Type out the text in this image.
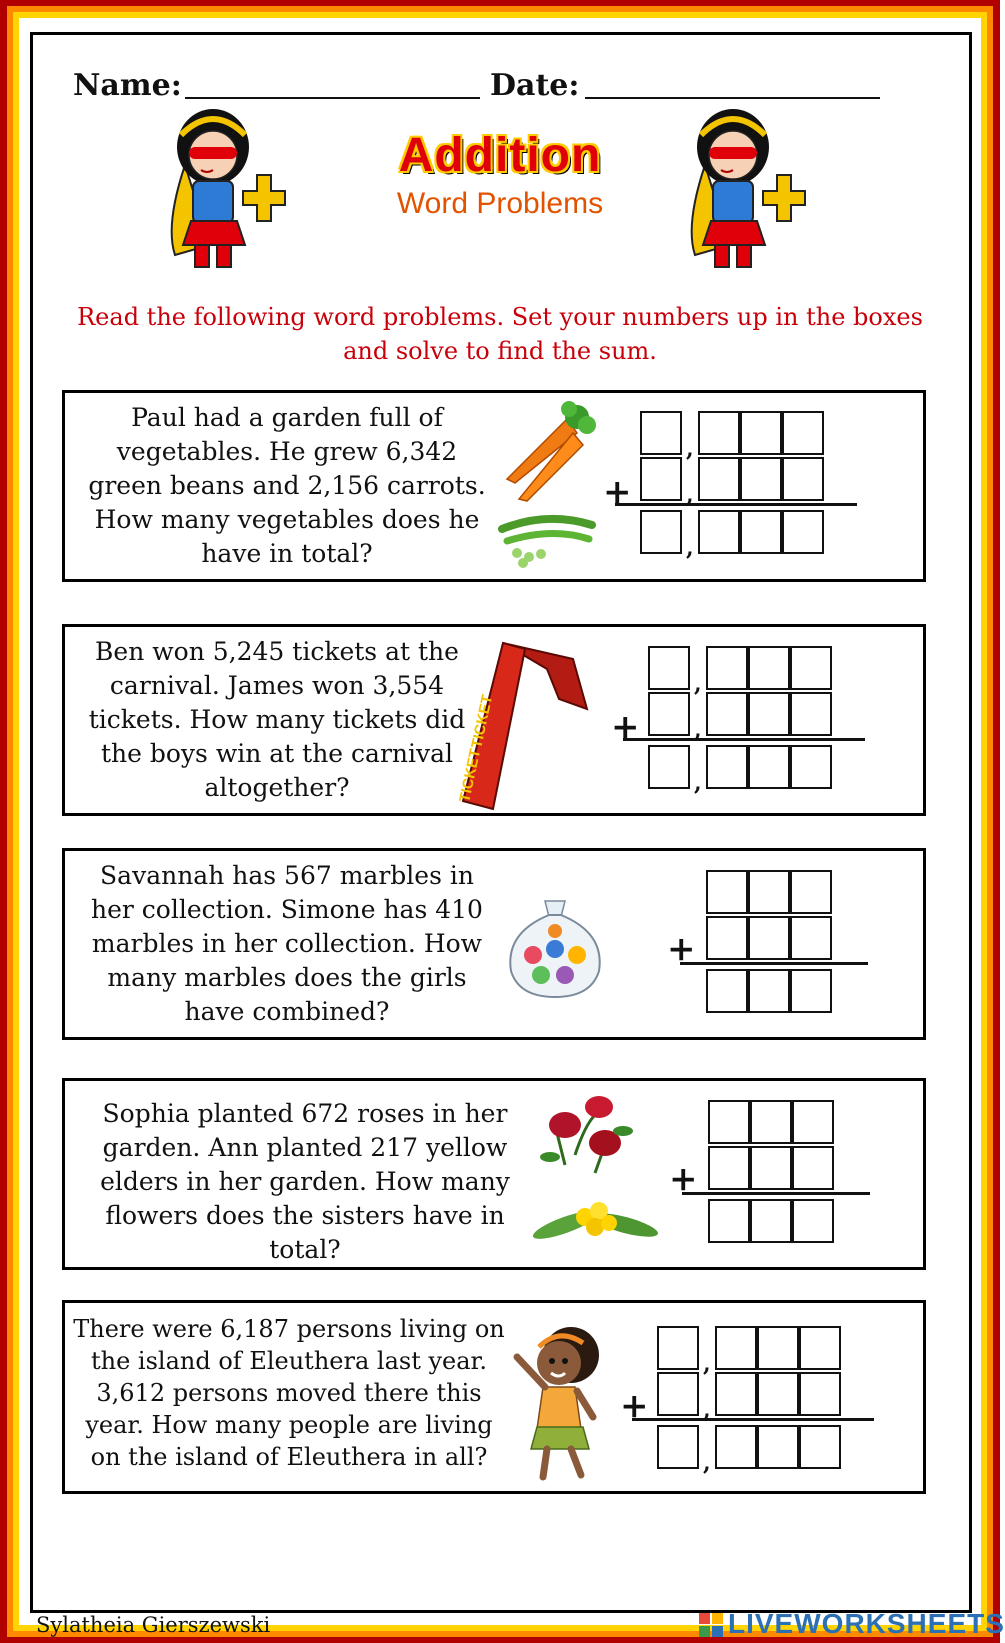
Name:	Date:
Addition
Word Problems
Read the following word problems. Set your numbers up in the boxes and solve to find the sum.
Paul had a garden full of vegetables. He grew 6,342 green beans and 2,156 carrots. How many vegetables does he have in total?
,
,
,
+
Ben won 5,245 tickets at the carnival. James won 3,554 tickets. How many tickets did the boys win at the carnival altogether?
TICKET
TICKET
,
,
,
+
Savannah has 567 marbles in her collection. Simone has 410 marbles in her collection. How many marbles does the girls have combined?
+
Sophia planted 672 roses in her garden. Ann planted 217 yellow elders in her garden. How many flowers does the sisters have in total?
+
There were 6,187 persons living on the island of Eleuthera last year. 3,612 persons moved there this year. How many people are living on the island of Eleuthera in all?
,
,
,
+
Sylatheia Gierszewski	LIVEWORKSHEETS
